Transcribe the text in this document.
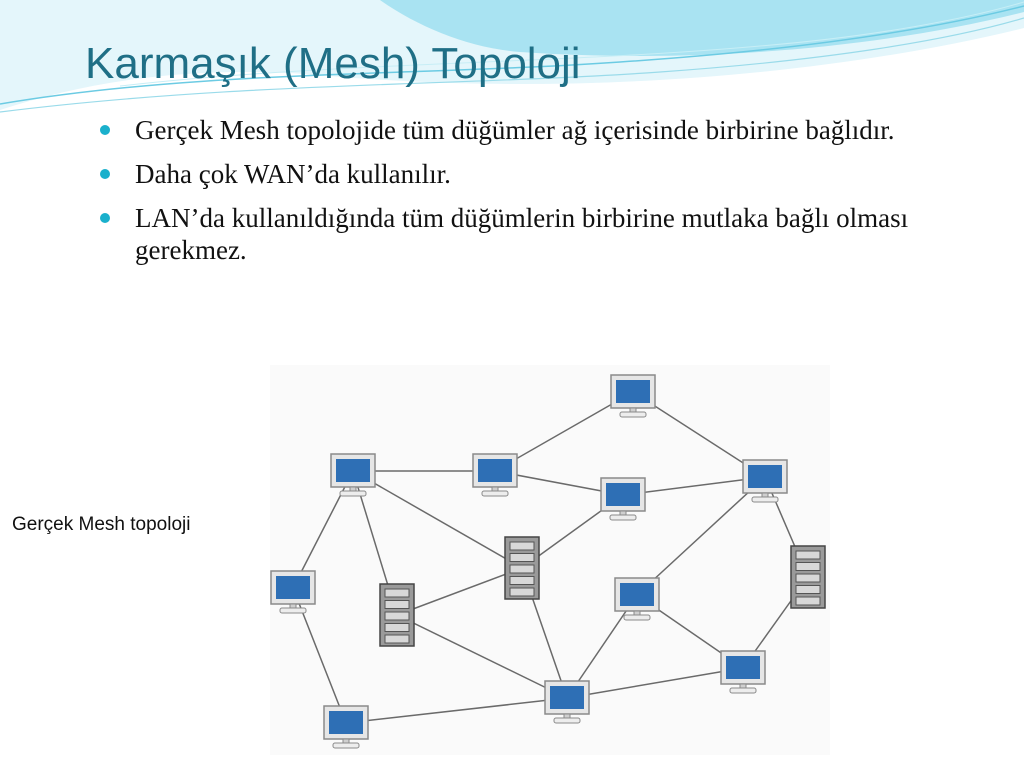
Karmaşık (Mesh) Topoloji
Gerçek Mesh topolojide tüm düğümler ağ içerisinde birbirine bağlıdır.
Daha çok WAN’da kullanılır.
LAN’da kullanıldığında tüm düğümlerin birbirine mutlaka bağlı olması gerekmez.
Gerçek Mesh topoloji
